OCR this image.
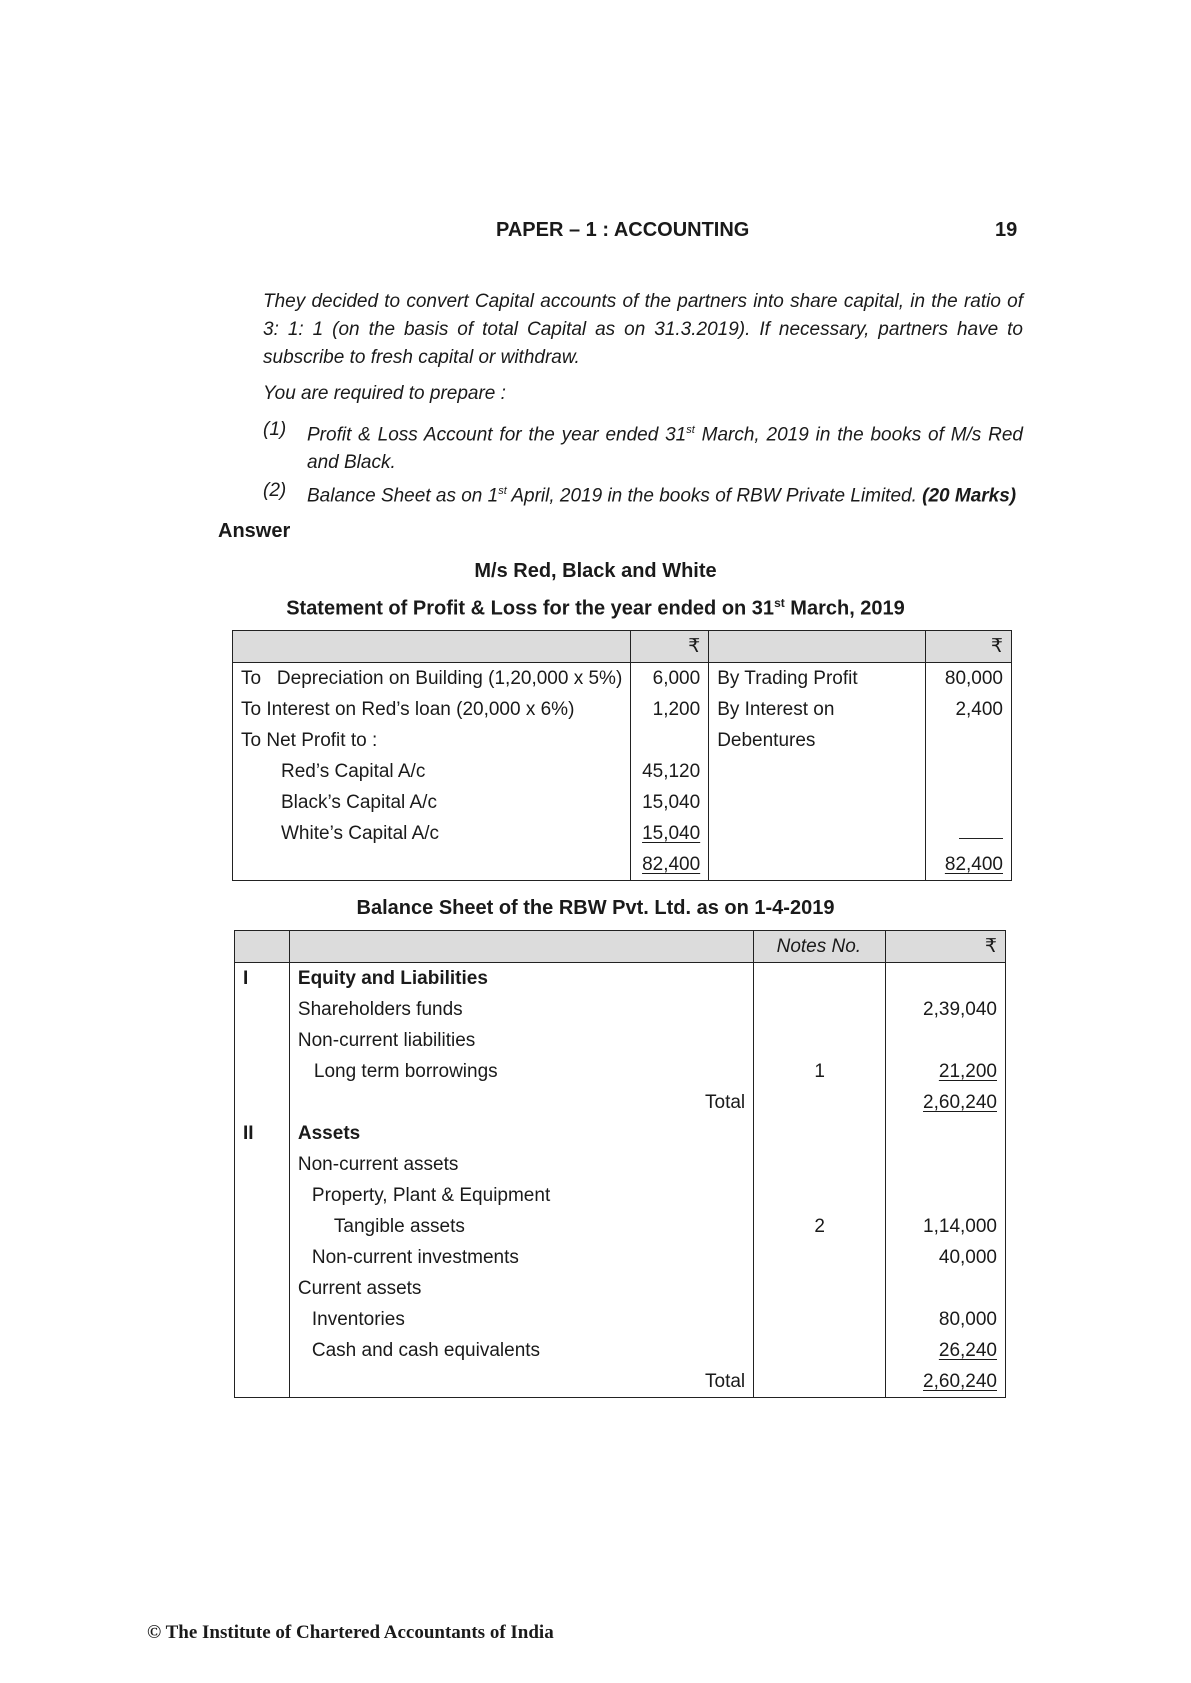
PAPER – 1 : ACCOUNTING	19
They decided to convert Capital accounts of the partners into share capital, in the ratio of 3: 1: 1 (on the basis of total Capital as on 31.3.2019). If necessary, partners have to subscribe to fresh capital or withdraw.
You are required to prepare :
(1) Profit & Loss Account for the year ended 31st March, 2019 in the books of M/s Red and Black.
(2) Balance Sheet as on 1st April, 2019 in the books of RBW Private Limited. (20 Marks)
Answer
M/s Red, Black and White
Statement of Profit & Loss for the year ended on 31st March, 2019
	₹		₹
To   Depreciation on Building (1,20,000 x 5%)	6,000	By Trading Profit	80,000
To Interest on Red’s loan (20,000 x 6%)	1,200	By Interest on	2,400
To Net Profit to :		Debentures	
Red’s Capital A/c	45,120		
Black’s Capital A/c	15,040		
White’s Capital A/c	15,040		
	82,400		82,400
Balance Sheet of the RBW Pvt. Ltd. as on 1-4-2019
		Notes No.	₹
I	Equity and Liabilities		
	Shareholders funds		2,39,040
	Non-current liabilities		
	Long term borrowings	1	21,200
	Total		2,60,240
II	Assets		
	Non-current assets		
	Property, Plant & Equipment		
	Tangible assets	2	1,14,000
	Non-current investments		40,000
	Current assets		
	Inventories		80,000
	Cash and cash equivalents		26,240
	Total		2,60,240
© The Institute of Chartered Accountants of India
